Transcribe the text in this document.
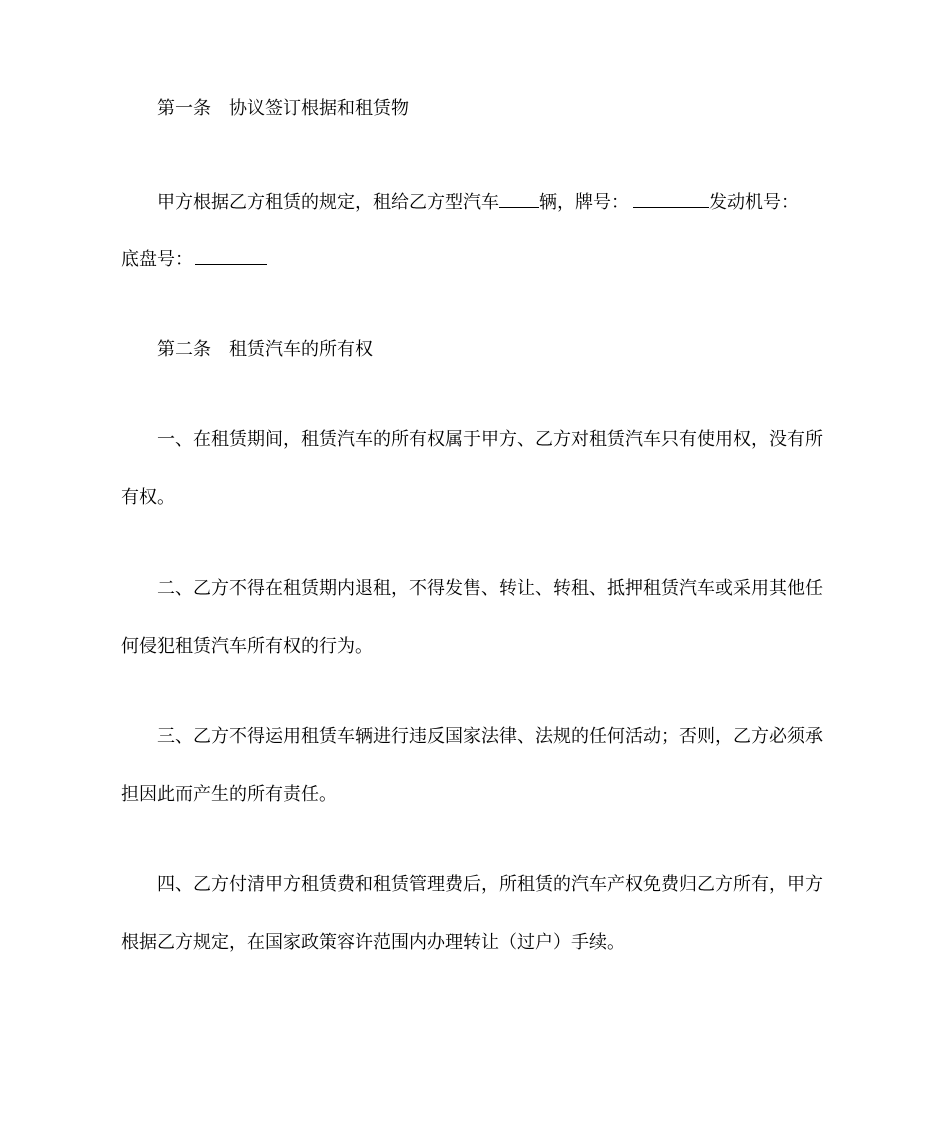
第一条 协议签订根据和租赁物
甲方根据乙方租赁的规定，租给乙方型汽车 辆，牌号：	发动机号：
底盘号：
第二条 租赁汽车的所有权
一、在租赁期间，租赁汽车的所有权属于甲方、乙方对租赁汽车只有使用权，没有所
有权。
二、乙方不得在租赁期内退租，不得发售、转让、转租、抵押租赁汽车或采用其他任
何侵犯租赁汽车所有权的行为。
三、乙方不得运用租赁车辆进行违反国家法律、法规的任何活动；否则，乙方必须承
担因此而产生的所有责任。
四、乙方付清甲方租赁费和租赁管理费后，所租赁的汽车产权免费归乙方所有，甲方
根据乙方规定，在国家政策容许范围内办理转让（过户）手续。
